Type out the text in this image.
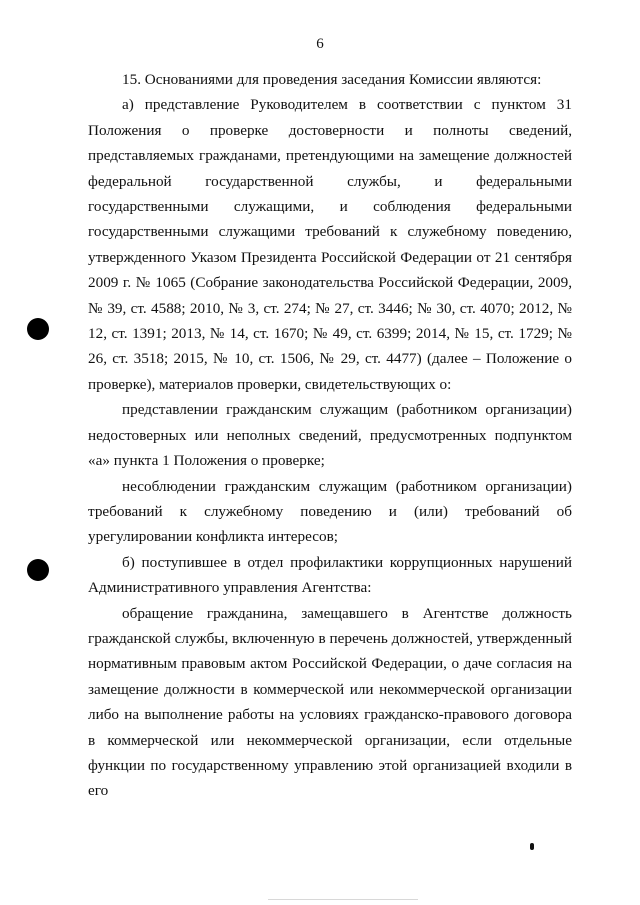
6

15. Основаниями для проведения заседания Комиссии являются:

а) представление Руководителем в соответствии с пунктом 31 Положения о проверке достоверности и полноты сведений, представляемых гражданами, претендующими на замещение должностей федеральной государственной службы, и федеральными государственными служащими, и соблюдения федеральными государственными служащими требований к служебному поведению, утвержденного Указом Президента Российской Федерации от 21 сентября 2009 г. № 1065 (Собрание законодательства Российской Федерации, 2009, № 39, ст. 4588; 2010, № 3, ст. 274; № 27, ст. 3446; № 30, ст. 4070; 2012, № 12, ст. 1391; 2013, № 14, ст. 1670; № 49, ст. 6399; 2014, № 15, ст. 1729; № 26, ст. 3518; 2015, № 10, ст. 1506, № 29, ст. 4477) (далее – Положение о проверке), материалов проверки, свидетельствующих о:

представлении гражданским служащим (работником организации) недостоверных или неполных сведений, предусмотренных подпунктом «а» пункта 1 Положения о проверке;

несоблюдении гражданским служащим (работником организации) требований к служебному поведению и (или) требований об урегулировании конфликта интересов;

б) поступившее в отдел профилактики коррупционных нарушений Административного управления Агентства:

обращение гражданина, замещавшего в Агентстве должность гражданской службы, включенную в перечень должностей, утвержденный нормативным правовым актом Российской Федерации, о даче согласия на замещение должности в коммерческой или некоммерческой организации либо на выполнение работы на условиях гражданско-правового договора в коммерческой или некоммерческой организации, если отдельные функции по государственному управлению этой организацией входили в его
